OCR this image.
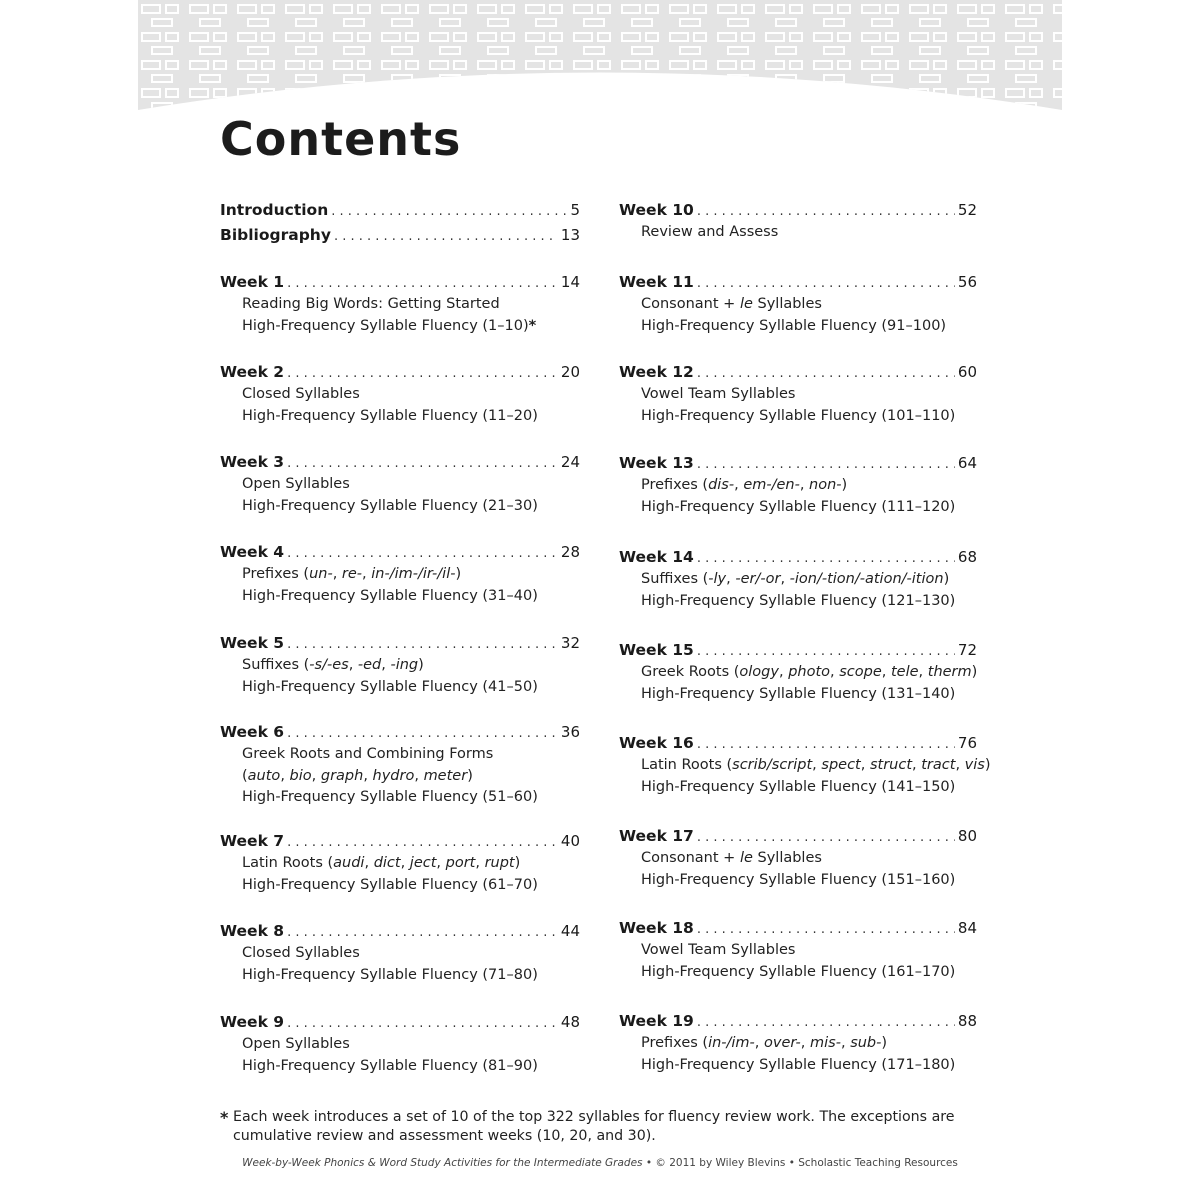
Contents
Introduction . . .	5
Bibliography . . .	13
Week 1 . . .	14
Reading Big Words: Getting Started
High-Frequency Syllable Fluency (1–10)*
Week 2 . . .	20
Closed Syllables
High-Frequency Syllable Fluency (11–20)
Week 3 . . .	24
Open Syllables
High-Frequency Syllable Fluency (21–30)
Week 4 . . .	28
Prefixes (un-, re-, in-/im-/ir-/il-)
High-Frequency Syllable Fluency (31–40)
Week 5 . . .	32
Suffixes (-s/-es, -ed, -ing)
High-Frequency Syllable Fluency (41–50)
Week 6 . . .	36
Greek Roots and Combining Forms
(auto, bio, graph, hydro, meter)
High-Frequency Syllable Fluency (51–60)
Week 7 . . .	40
Latin Roots (audi, dict, ject, port, rupt)
High-Frequency Syllable Fluency (61–70)
Week 8 . . .	44
Closed Syllables
High-Frequency Syllable Fluency (71–80)
Week 9 . . .	48
Open Syllables
High-Frequency Syllable Fluency (81–90)
Week 10 . . .	52
Review and Assess
Week 11 . . .	56
Consonant + le Syllables
High-Frequency Syllable Fluency (91–100)
Week 12 . . .	60
Vowel Team Syllables
High-Frequency Syllable Fluency (101–110)
Week 13 . . .	64
Prefixes (dis-, em-/en-, non-)
High-Frequency Syllable Fluency (111–120)
Week 14 . . .	68
Suffixes (-ly, -er/-or, -ion/-tion/-ation/-ition)
High-Frequency Syllable Fluency (121–130)
Week 15 . . .	72
Greek Roots (ology, photo, scope, tele, therm)
High-Frequency Syllable Fluency (131–140)
Week 16 . . .	76
Latin Roots (scrib/script, spect, struct, tract, vis)
High-Frequency Syllable Fluency (141–150)
Week 17 . . .	80
Consonant + le Syllables
High-Frequency Syllable Fluency (151–160)
Week 18 . . .	84
Vowel Team Syllables
High-Frequency Syllable Fluency (161–170)
Week 19 . . .	88
Prefixes (in-/im-, over-, mis-, sub-)
High-Frequency Syllable Fluency (171–180)
* Each week introduces a set of 10 of the top 322 syllables for fluency review work. The exceptions are cumulative review and assessment weeks (10, 20, and 30).
Week-by-Week Phonics & Word Study Activities for the Intermediate Grades • © 2011 by Wiley Blevins • Scholastic Teaching Resources
